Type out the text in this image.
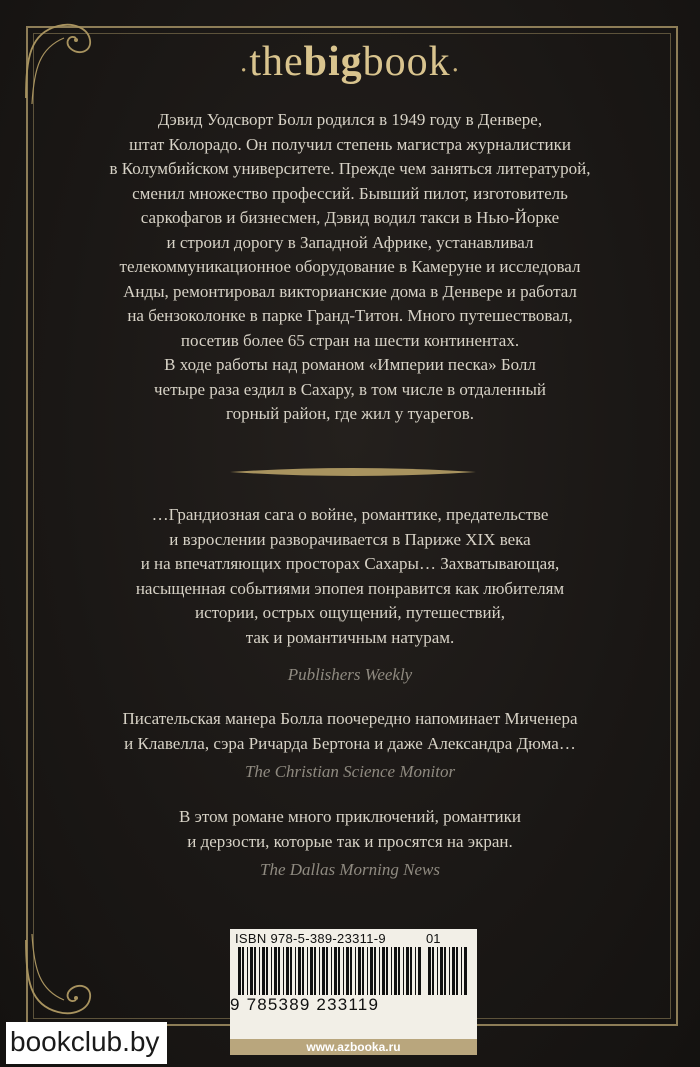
·thebigbook·
Дэвид Уодсворт Болл родился в 1949 году в Денвере,
штат Колорадо. Он получил степень магистра журналистики
в Колумбийском университете. Прежде чем заняться литературой,
сменил множество профессий. Бывший пилот, изготовитель
саркофагов и бизнесмен, Дэвид водил такси в Нью-Йорке
и строил дорогу в Западной Африке, устанавливал
телекоммуникационное оборудование в Камеруне и исследовал
Анды, ремонтировал викторианские дома в Денвере и работал
на бензоколонке в парке Гранд-Титон. Много путешествовал,
посетив более 65 стран на шести континентах.
В ходе работы над романом «Империи песка» Болл
четыре раза ездил в Сахару, в том числе в отдаленный
горный район, где жил у туарегов.
…Грандиозная сага о войне, романтике, предательстве
и взрослении разворачивается в Париже XIX века
и на впечатляющих просторах Сахары… Захватывающая,
насыщенная событиями эпопея понравится как любителям
истории, острых ощущений, путешествий,
так и романтичным натурам.
Publishers Weekly
Писательская манера Болла поочередно напоминает Миченера
и Клавелла, сэра Ричарда Бертона и даже Александра Дюма…
The Christian Science Monitor
В этом романе много приключений, романтики
и дерзости, которые так и просятся на экран.
The Dallas Morning News
ISBN 978-5-389-23311-9	01
9 785389 233119
www.azbooka.ru
bookclub.by
